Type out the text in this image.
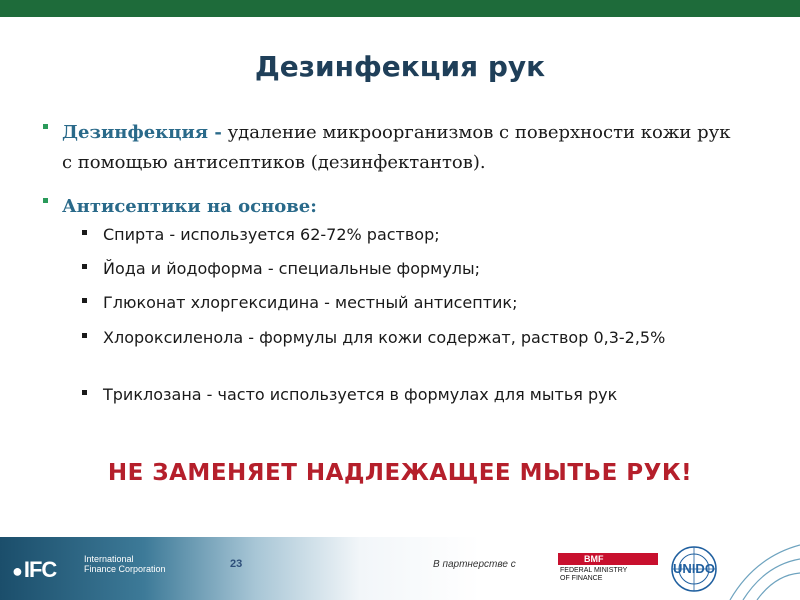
Дезинфекция рук
Дезинфекция - удаление микроорганизмов с поверхности кожи рук с помощью антисептиков (дезинфектантов).
Антисептики на основе:
Спирта - используется 62-72% раствор;
Йода и йодоформа - специальные формулы;
Глюконат хлоргексидина - местный антисептик;
Хлороксиленола - формулы для кожи содержат, раствор 0,3-2,5%
Триклозана - часто используется в формулах для мытья рук
НЕ ЗАМЕНЯЕТ НАДЛЕЖАЩЕЕ МЫТЬЕ РУК!
●IFC	International
Finance Corporation	23	В партнерстве с	BMF
FEDERAL MINISTRY
OF FINANCE
UNIDO
